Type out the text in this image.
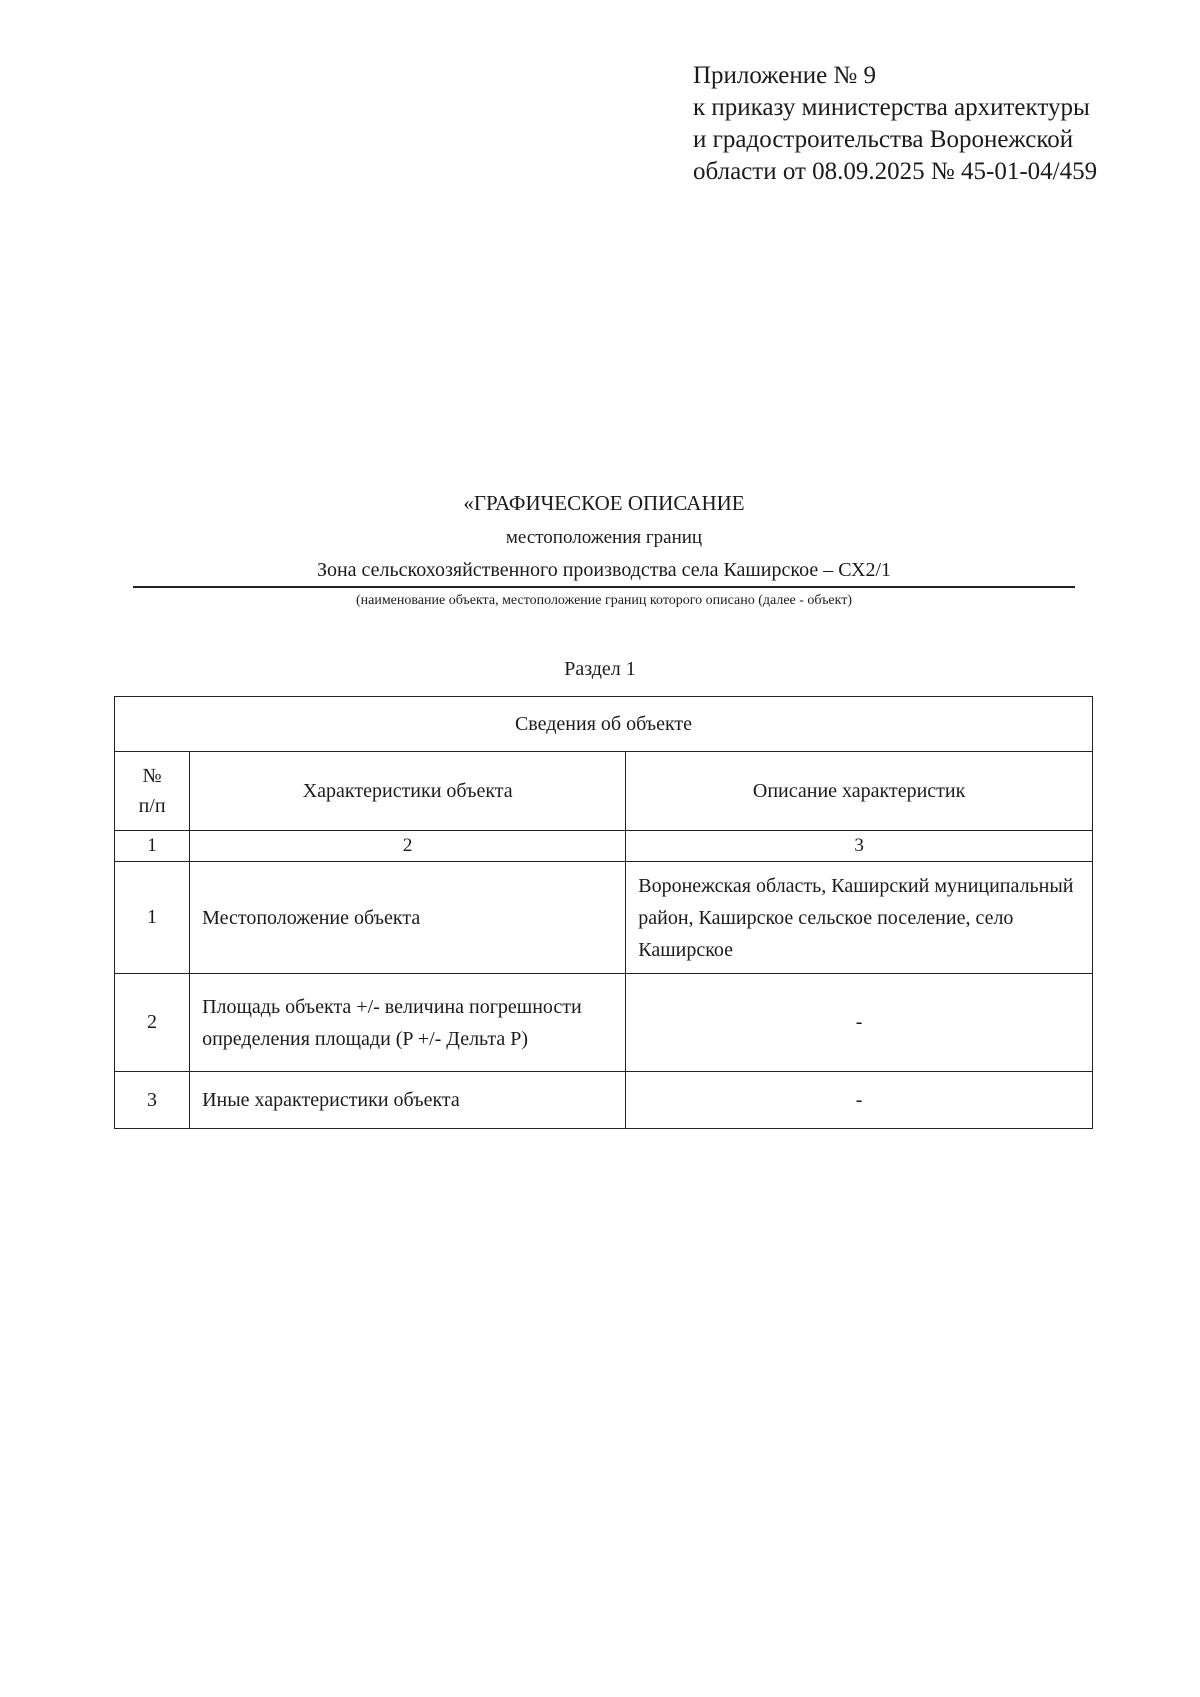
Приложение № 9
к приказу министерства архитектуры
и градостроительства Воронежской
области от 08.09.2025 № 45-01-04/459
«ГРАФИЧЕСКОЕ ОПИСАНИЕ
местоположения границ
Зона сельскохозяйственного производства села Каширское – СХ2/1
(наименование объекта, местоположение границ которого описано (далее - объект)
Раздел 1
Сведения об объекте		
№ п/п	Характеристики объекта	Описание характеристик
1	2	3
1	Местоположение объекта	Воронежская область, Каширский муниципальный район, Каширское сельское поселение, село Каширское
2	Площадь объекта +/- величина погрешности определения площади (P +/- Дельта P)	-
3	Иные характеристики объекта	-
